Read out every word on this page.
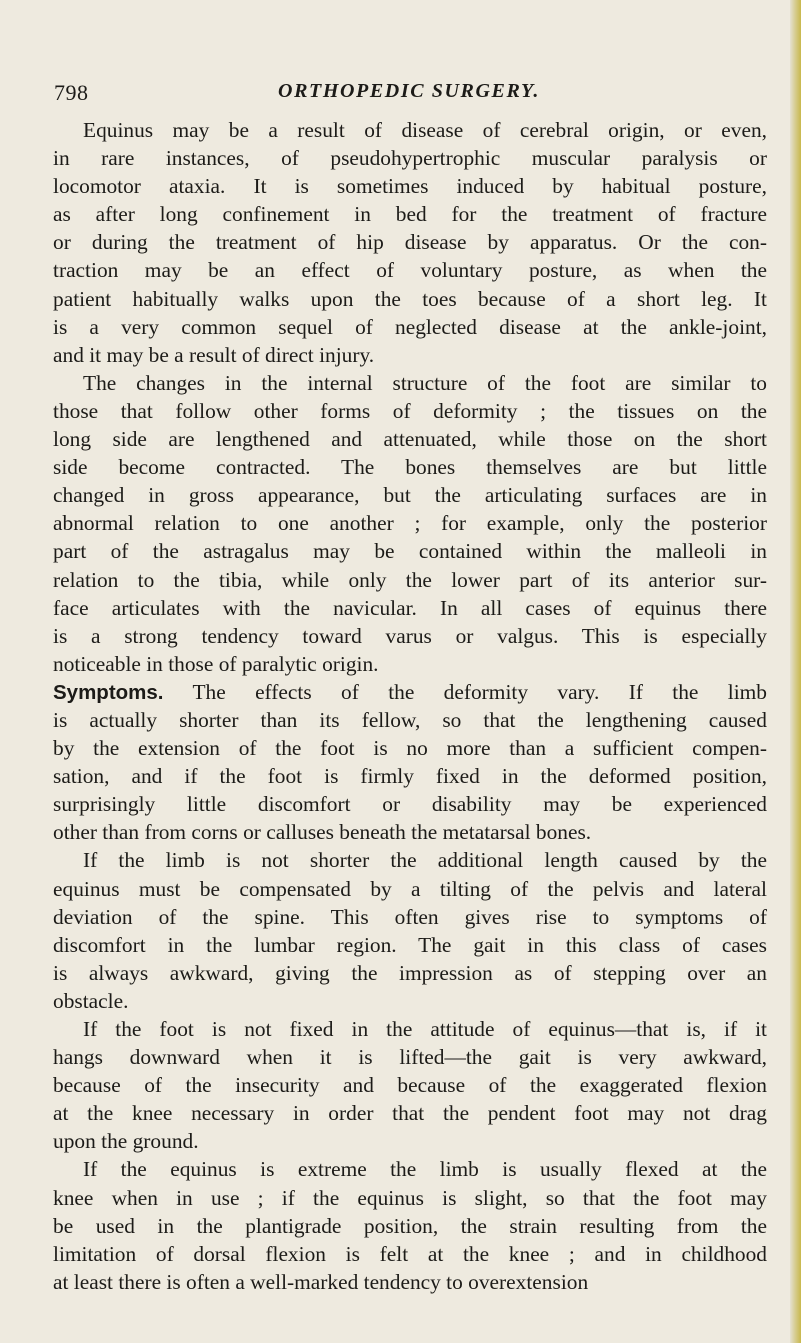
798	ORTHOPEDIC SURGERY.
Equinus may be a result of disease of cerebral origin, or even,
in rare instances, of pseudohypertrophic muscular paralysis or
locomotor ataxia. It is sometimes induced by habitual posture,
as after long confinement in bed for the treatment of fracture
or during the treatment of hip disease by apparatus. Or the con-
traction may be an effect of voluntary posture, as when the
patient habitually walks upon the toes because of a short leg. It
is a very common sequel of neglected disease at the ankle-joint,
and it may be a result of direct injury.
The changes in the internal structure of the foot are similar to
those that follow other forms of deformity ; the tissues on the
long side are lengthened and attenuated, while those on the short
side become contracted. The bones themselves are but little
changed in gross appearance, but the articulating surfaces are in
abnormal relation to one another ; for example, only the posterior
part of the astragalus may be contained within the malleoli in
relation to the tibia, while only the lower part of its anterior sur-
face articulates with the navicular. In all cases of equinus there
is a strong tendency toward varus or valgus. This is especially
noticeable in those of paralytic origin.
Symptoms. The effects of the deformity vary. If the limb
is actually shorter than its fellow, so that the lengthening caused
by the extension of the foot is no more than a sufficient compen-
sation, and if the foot is firmly fixed in the deformed position,
surprisingly little discomfort or disability may be experienced
other than from corns or calluses beneath the metatarsal bones.
If the limb is not shorter the additional length caused by the
equinus must be compensated by a tilting of the pelvis and lateral
deviation of the spine. This often gives rise to symptoms of
discomfort in the lumbar region. The gait in this class of cases
is always awkward, giving the impression as of stepping over an
obstacle.
If the foot is not fixed in the attitude of equinus—that is, if it
hangs downward when it is lifted—the gait is very awkward,
because of the insecurity and because of the exaggerated flexion
at the knee necessary in order that the pendent foot may not drag
upon the ground.
If the equinus is extreme the limb is usually flexed at the
knee when in use ; if the equinus is slight, so that the foot may
be used in the plantigrade position, the strain resulting from the
limitation of dorsal flexion is felt at the knee ; and in childhood
at least there is often a well-marked tendency to overextension
